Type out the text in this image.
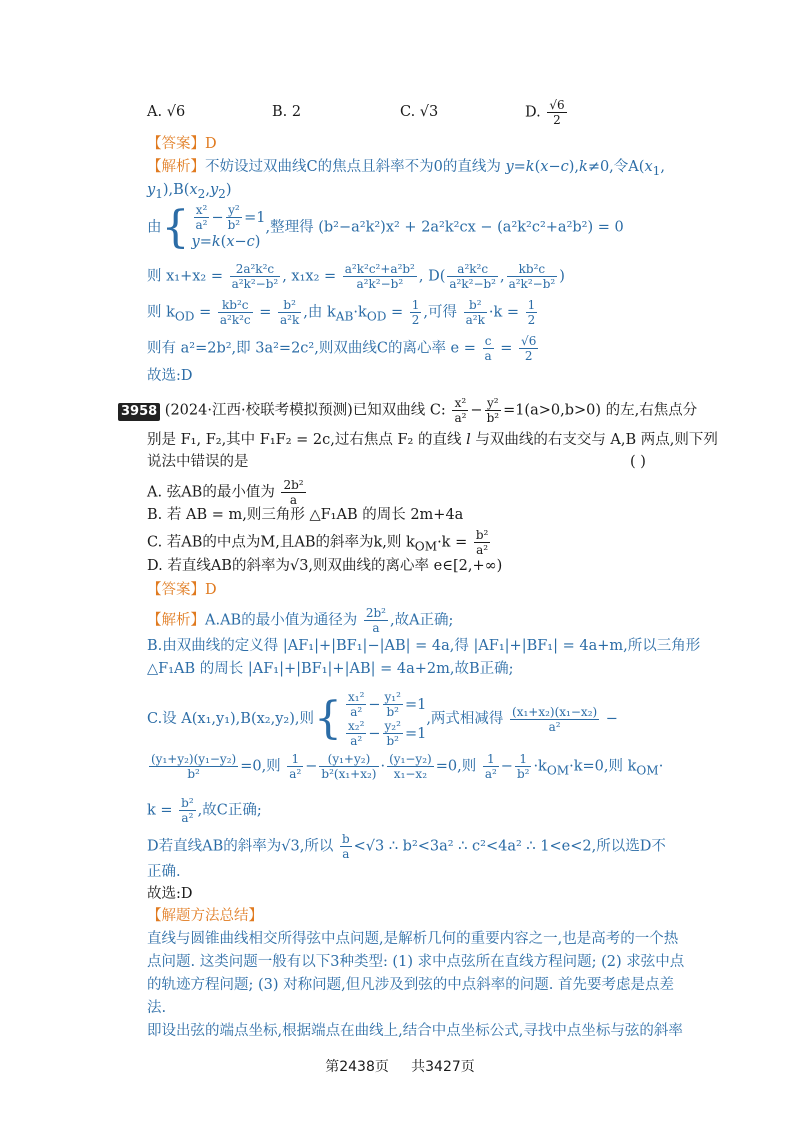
A. √6	B. 2	C. √3	D. $\frac{√6}{2}$
【答案】D
【解析】不妨设过双曲线C的焦点且斜率不为0的直线为 y=k(x−c),k≠0,令$A(x_1$,
$y_1),B(x_2,y_2)$
由{ $\frac{\text{x²}}{\text{a²}} - \frac{\text{y²}}{\text{b²}} =1$
y=k(x−c),整理得 (b²−a²k²)x² + 2a²k²cx − (a²k²c²+a²b²) = 0
则 $x_1+x_2 = \frac{\text{2a²k²c}}{\text{a²k²−b²}}$ , $x_1x_2 = \frac{\text{a²k²c²+a²b²}}{\text{a²k²−b²}}$ , $D( \frac{\text{a²k²c}}{\text{a²k²−b²}}$ , $\frac{\text{kb²c}}{\text{a²k²−b²}}$ )
则 $k_{OD} = \frac{\text{kb²c}}{\text{a²k²c}} = \frac{\text{b²}}{\text{a²k}}$ ,由 $k_{AB}\cdot k_{OD} = \frac{1}{2}$ ,可得 $\frac{\text{b²}}{\text{a²k}} \cdot k = \frac{1}{2}$
则有 a²=2b²,即 3a²=2c²,则双曲线C的离心率 $e = \frac{c}{a} = \frac{√6}{2}$
故选:D
3958 (2024·江西·校联考模拟预测)已知双曲线 C: $\frac{\text{x²}}{\text{a²}} - \frac{\text{y²}}{\text{b²}} =1(a>0,b>0)$ 的左,右焦点分
别是 F₁, F₂,其中 F₁F₂ = 2c,过右焦点 F₂ 的直线 l 与双曲线的右支交与 A,B 两点,则下列
说法中错误的是	( )
A. 弦AB的最小值为 $\frac{\text{2b²}}{a}$
B. 若 AB = m,则三角形 △F₁AB 的周长 2m+4a
C. 若AB的中点为M,且AB的斜率为k,则 $k_{OM}\cdot k = \frac{\text{b²}}{\text{a²}}$
D. 若直线AB的斜率为√3,则双曲线的离心率 e∈[2,+∞)
【答案】D
【解析】A.AB的最小值为通径为 $\frac{\text{2b²}}{a}$ ,故A正确;
B.由双曲线的定义得 |AF₁|+|BF₁|−|AB| = 4a,得 |AF₁|+|BF₁| = 4a+m,所以三角形
△F₁AB 的周长 |AF₁|+|BF₁|+|AB| = 4a+2m,故B正确;
C.设 A(x₁,y₁),B(x₂,y₂),则{ $\frac{\text{x₁²}}{\text{a²}} - \frac{\text{y₁²}}{\text{b²}} =1$

$\frac{\text{x₂²}}{\text{a²}} - \frac{\text{y₂²}}{\text{b²}} =1$,两式相减得 $\frac{\text{(x₁+x₂)(x₁−x₂)}}{\text{a²}}$ −
$\frac{\text{(y₁+y₂)(y₁−y₂)}}{\text{b²}} =0$,则 $\frac{1}{\text{a²}} - \frac{\text{(y₁+y₂)}}{\text{b²(x₁+x₂)}} \cdot \frac{\text{(y₁−y₂)}}{\text{x₁−x₂}} =0$,则 $\frac{1}{\text{a²}} - \frac{1}{\text{b²}} \cdot k_{OM}\cdot k=0$,则 $k_{OM}\cdot$
$k = \frac{\text{b²}}{\text{a²}}$ ,故C正确;
D若直线AB的斜率为√3,所以 $\frac{b}{a} <√3$ ∴ b²<3a² ∴ c²<4a² ∴ 1<e<2,所以选D不
正确.
故选:D
【解题方法总结】
直线与圆锥曲线相交所得弦中点问题,是解析几何的重要内容之一,也是高考的一个热
点问题. 这类问题一般有以下3种类型: (1) 求中点弦所在直线方程问题; (2) 求弦中点
的轨迹方程问题; (3) 对称问题,但凡涉及到弦的中点斜率的问题. 首先要考虑是点差
法.
即设出弦的端点坐标,根据端点在曲线上,结合中点坐标公式,寻找中点坐标与弦的斜率
第2438页 共3427页
